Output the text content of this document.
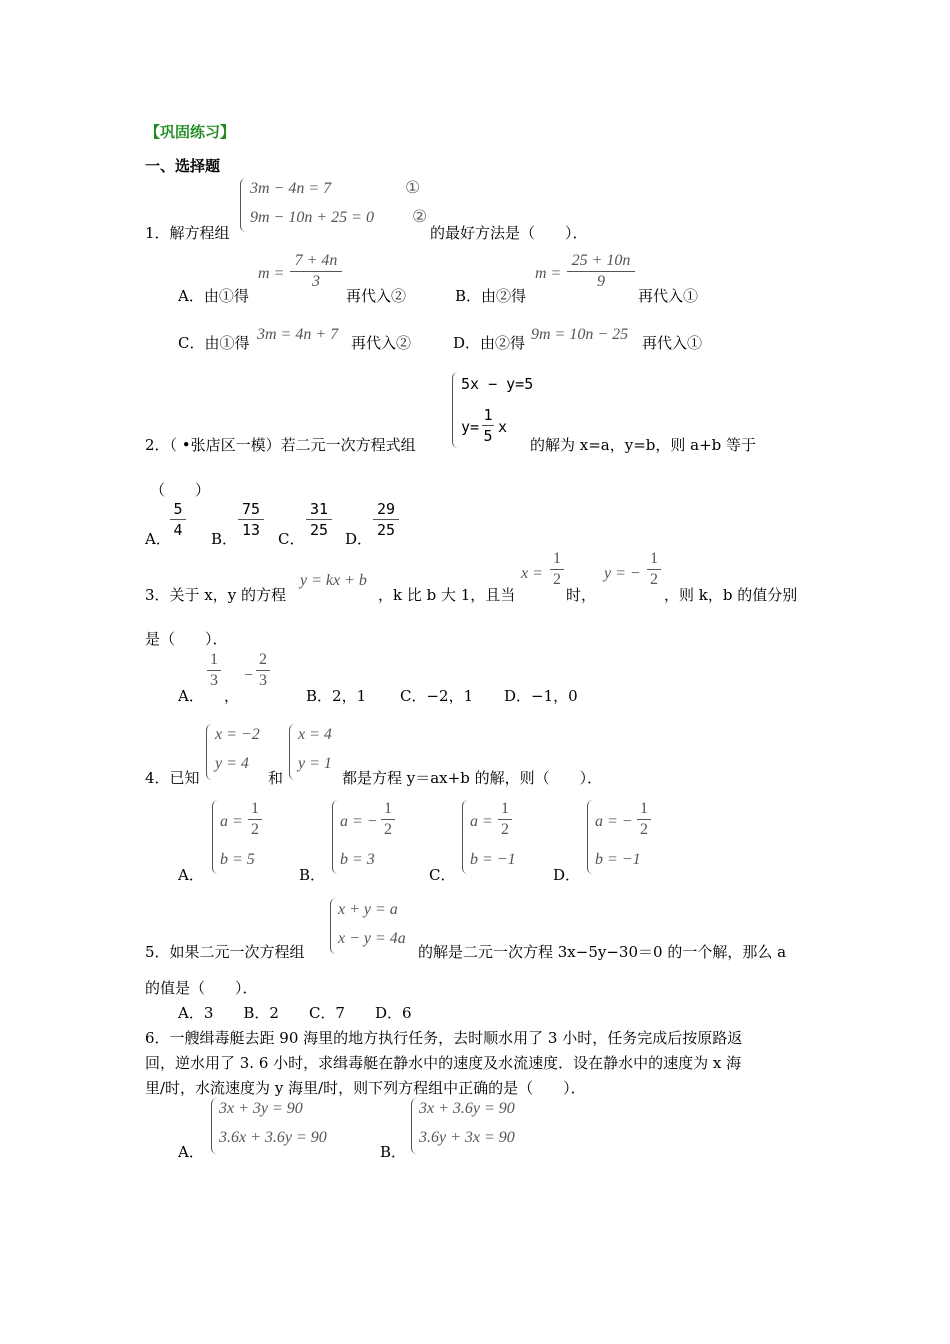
【巩固练习】
一、选择题
1．解方程组
3m − 4n = 7
9m − 10n + 25 = 0
①
②
的最好方法是（　　）．
A．由①得
m =
7 + 4n
3
再代入②	B．由②得
m =
25 + 10n
9
再代入①
C．由①得 3m = 4n + 7 再代入②	D．由②得 9m = 10n − 25 再代入①
2．（ •张店区一模）若二元一次方程式组
5x − y=5
y=
1
5 x
的解为 x=a，y=b，则 a+b 等于
（　　）
A．
5
4 B．
75
13 C．
31
25 D．
29
25
3．关于 x，y 的方程
y = kx + b
，k 比 b 大 1，且当
x =
1
2
时，
y = −
1
2
，则 k，b 的值分别
是（　　）．
A．
1
3
，
−
2
3
B．2，1 C．−2，1 D．−1，0
4．已知
x = −2
y = 4
和
x = 4
y = 1
都是方程 y＝ax+b 的解，则（　　）．
A．
a =
1
2
b = 5
B．
a = −
1
2
b = 3
C．
a =
1
2
b = −1
D．
a = −
1
2
b = −1
5．如果二元一次方程组
x + y = a
x − y = 4a
的解是二元一次方程 3x−5y−30＝0 的一个解，那么 a
的值是（　　）．
A．3　　B．2　　C．7　　D．6
6．一艘缉毒艇去距 90 海里的地方执行任务，去时顺水用了 3 小时，任务完成后按原路返
回，逆水用了 3. 6 小时，求缉毒艇在静水中的速度及水流速度．设在静水中的速度为 x 海
里/时，水流速度为 y 海里/时，则下列方程组中正确的是（　　）．
A．
3x + 3y = 90
3.6x + 3.6y = 90
B．
3x + 3.6y = 90
3.6y + 3x = 90
